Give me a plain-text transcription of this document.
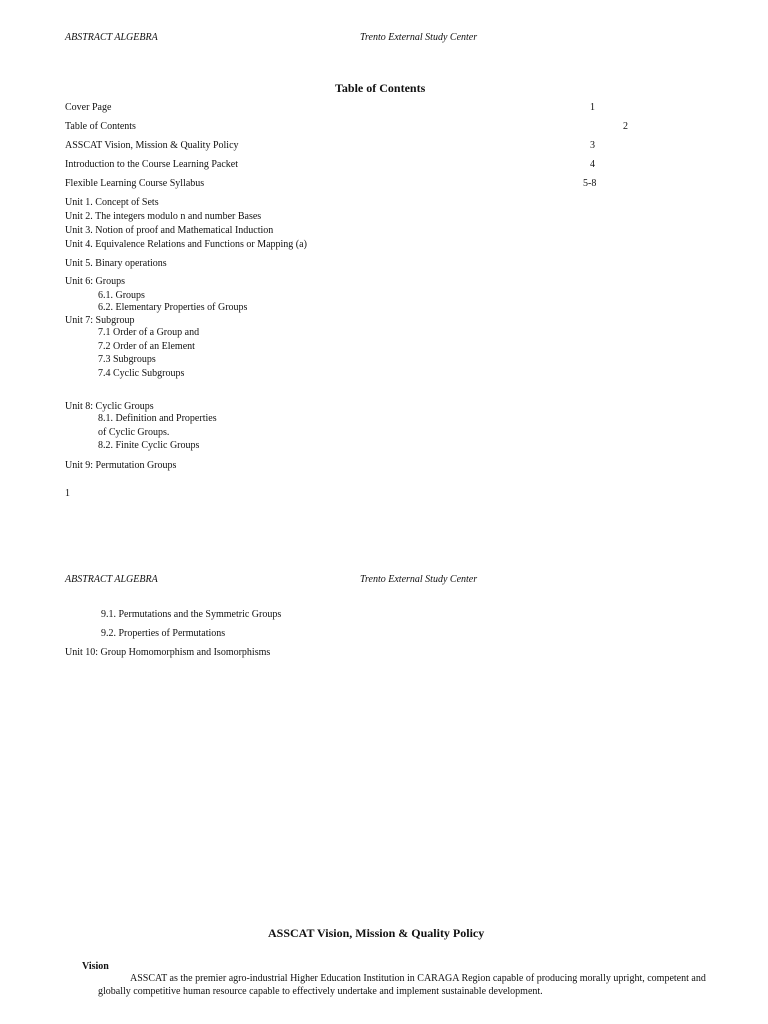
ABSTRACT ALGEBRA	Trento External Study Center
Table of Contents
Cover Page	1
Table of Contents	2
ASSCAT Vision, Mission & Quality Policy	3
Introduction to the Course Learning Packet	4
Flexible Learning Course Syllabus	5-8
Unit 1. Concept of Sets
Unit 2. The integers modulo n and number Bases
Unit 3. Notion of proof and Mathematical Induction
Unit 4. Equivalence Relations and Functions or Mapping (a)
Unit 5. Binary operations
Unit 6: Groups
6.1. Groups
6.2. Elementary Properties of Groups
Unit 7: Subgroup
7.1 Order of a Group and
7.2 Order of an Element
7.3 Subgroups
7.4 Cyclic Subgroups
Unit 8: Cyclic Groups
8.1. Definition and Properties
of Cyclic Groups.
8.2. Finite Cyclic Groups
Unit 9: Permutation Groups
1
ABSTRACT ALGEBRA	Trento External Study Center
9.1. Permutations and the Symmetric Groups
9.2. Properties of Permutations
Unit 10: Group Homomorphism and Isomorphisms
ASSCAT Vision, Mission & Quality Policy
Vision
ASSCAT as the premier agro-industrial Higher Education Institution in CARAGA Region capable of producing morally upright, competent and globally competitive human resource capable to effectively undertake and implement sustainable development.
